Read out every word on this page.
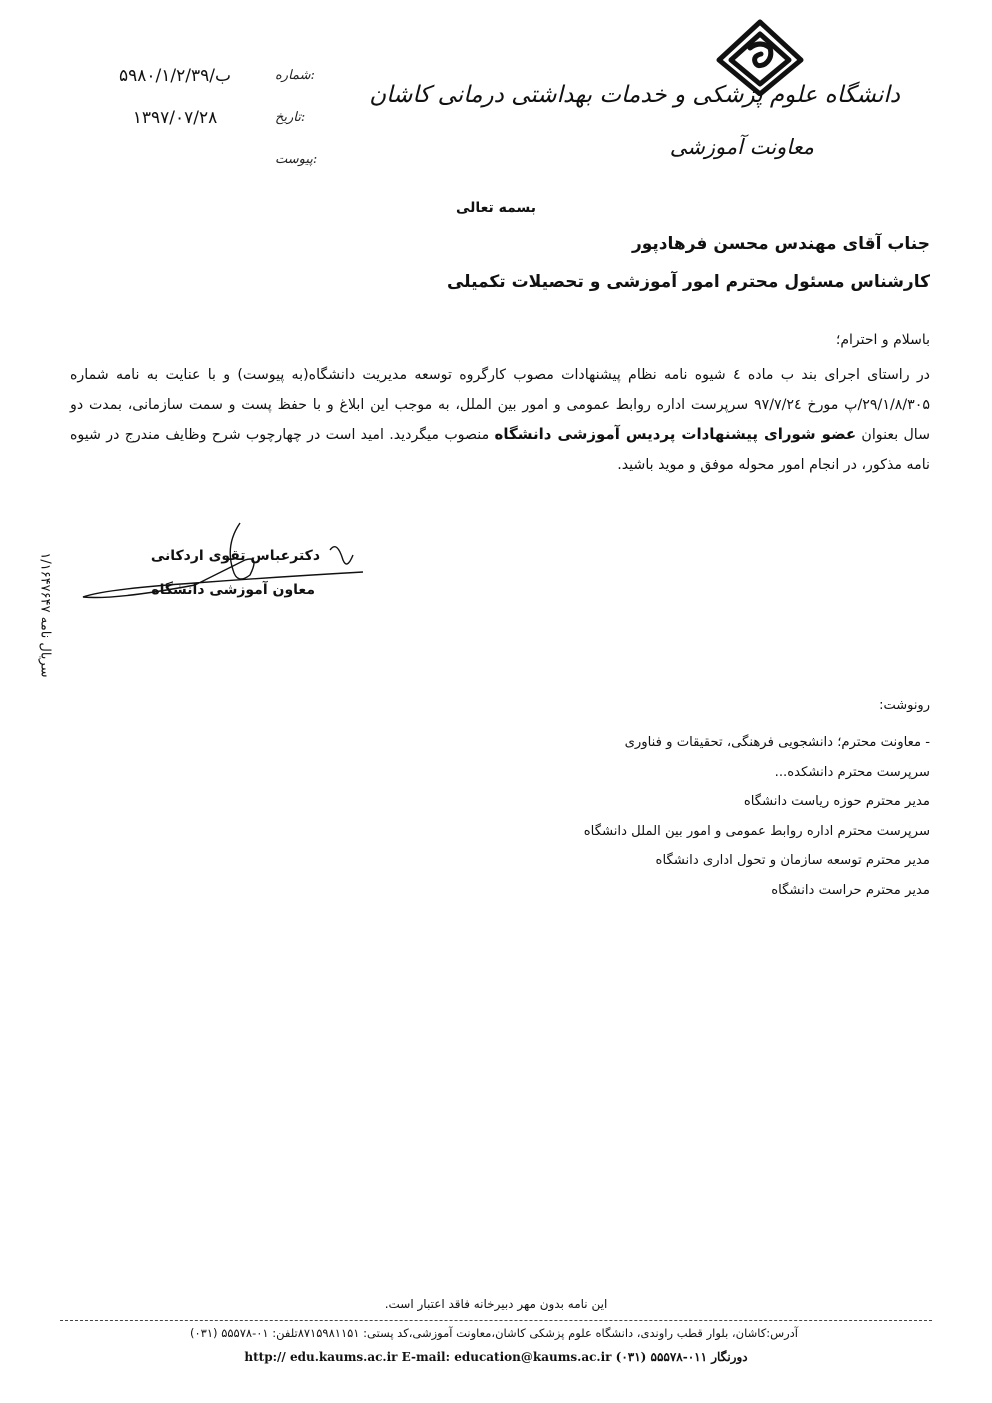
دانشگاه علوم پزشکی و خدمات بهداشتی درمانی کاشان
معاونت آموزشی
شماره:
۵۹۸۰/۱/۲/۳۹/ب
تاریخ:
۱۳۹۷/۰۷/۲۸
پیوست:
بسمه تعالی
جناب آقای مهندس محسن فرهادپور
کارشناس مسئول محترم امور آموزشی و تحصیلات تکمیلی
باسلام و احترام؛
در راستای اجرای بند ب ماده ٤ شیوه نامه نظام پیشنهادات مصوب کارگروه توسعه مدیریت دانشگاه(به پیوست) و با عنایت به نامه شماره ۲۹/۱/۸/۳۰۵/پ مورخ ۹۷/۷/۲٤ سرپرست اداره روابط عمومی و امور بین الملل، به موجب این ابلاغ و با حفظ پست و سمت سازمانی، بمدت دو سال بعنوان عضو شورای پیشنهادات پردیس آموزشی دانشگاه منصوب میگردید. امید است در چهارچوب شرح وظایف مندرج در شیوه نامه مذکور، در انجام امور محوله موفق و موید باشید.
دکترعباس تقوی اردکانی
معاون آموزشی دانشگاه
سریال نامه ۱/۱۶۴۷۶۴۷
رونوشت:
- معاونت محترم؛ دانشجویی فرهنگی، تحقیقات و فناوری
سرپرست محترم دانشکده...
مدیر محترم حوزه ریاست دانشگاه
سرپرست محترم اداره روابط عمومی و امور بین الملل دانشگاه
مدیر محترم توسعه سازمان و تحول اداری دانشگاه
مدیر محترم حراست دانشگاه
این نامه بدون مهر دبیرخانه فاقد اعتبار است.
آدرس:کاشان، بلوار قطب راوندی، دانشگاه علوم پزشکی کاشان،معاونت آموزشی،کد پستی: ۸۷۱۵۹۸۱۱۵۱تلفن: ۰۱-۵۵۵۷۸ (۰۳۱)
http:// edu.kaums.ac.ir E-mail: education@kaums.ac.ir (۰۳۱) ۵۵۵۷۸-۰۱۱ دورنگار
